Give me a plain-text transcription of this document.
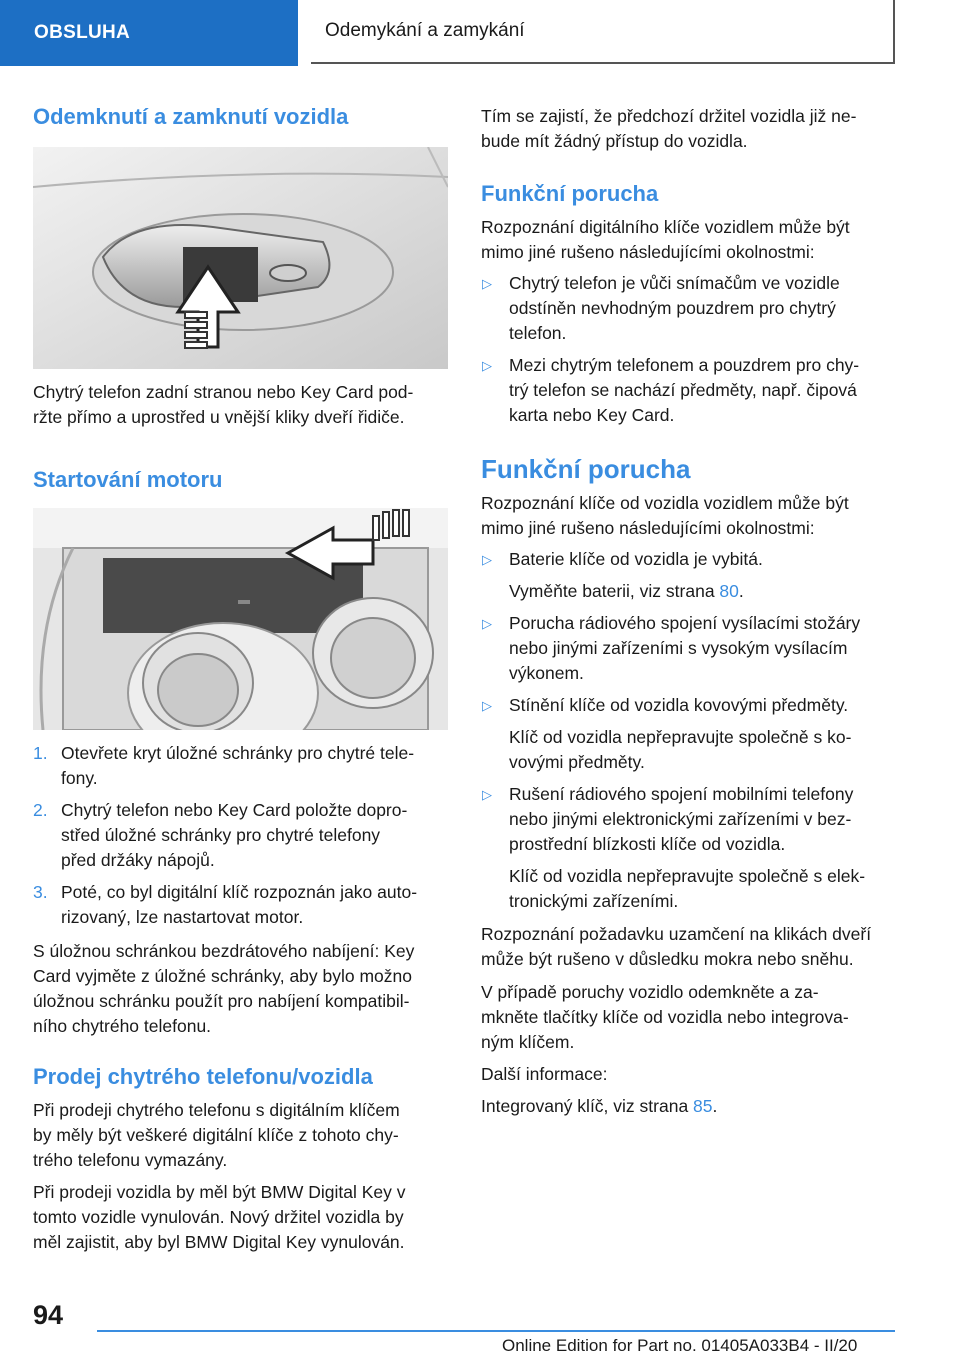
OBSLUHA	Odemykání a zamykání
Odemknutí a zamknutí vozidla

Chytrý telefon zadní stranou nebo Key Card pod-

ržte přímo a uprostřed u vnější kliky dveří řidiče.

Startování motoru
1. Otevřete kryt úložné schránky pro chytré tele-
fony.
2. Chytrý telefon nebo Key Card položte dopro-
střed úložné schránky pro chytré telefony
před držáky nápojů.
3. Poté, co byl digitální klíč rozpoznán jako auto-
rizovaný, lze nastartovat motor.

S úložnou schránkou bezdrátového nabíjení: Key

Card vyjměte z úložné schránky, aby bylo možno

úložnou schránku použít pro nabíjení kompatibil-

ního chytrého telefonu.

Prodej chytrého telefonu/vozidla

Při prodeji chytrého telefonu s digitálním klíčem

by měly být veškeré digitální klíče z tohoto chy-

trého telefonu vymazány.

Při prodeji vozidla by měl být BMW Digital Key v

tomto vozidle vynulován. Nový držitel vozidla by

měl zajistit, aby byl BMW Digital Key vynulován.

Tím se zajistí, že předchozí držitel vozidla již ne-

bude mít žádný přístup do vozidla.

Funkční porucha

Rozpoznání digitálního klíče vozidlem může být

mimo jiné rušeno následujícími okolnostmi:

▷ Chytrý telefon je vůči snímačům ve vozidle
odstíněn nevhodným pouzdrem pro chytrý
telefon.
▷ Mezi chytrým telefonem a pouzdrem pro chy-
trý telefon se nachází předměty, např. čipová
karta nebo Key Card.
Funkční porucha

Rozpoznání klíče od vozidla vozidlem může být

mimo jiné rušeno následujícími okolnostmi:

▷ Baterie klíče od vozidla je vybitá.
Vyměňte baterii, viz strana 80.
▷ Porucha rádiového spojení vysílacími stožáry
nebo jinými zařízeními s vysokým vysílacím
výkonem.
▷ Stínění klíče od vozidla kovovými předměty.
Klíč od vozidla nepřepravujte společně s ko-
vovými předměty.
▷ Rušení rádiového spojení mobilními telefony
nebo jinými elektronickými zařízeními v bez-
prostřední blízkosti klíče od vozidla.
Klíč od vozidla nepřepravujte společně s elek-
tronickými zařízeními.

Rozpoznání požadavku uzamčení na klikách dveří

může být rušeno v důsledku mokra nebo sněhu.

V případě poruchy vozidlo odemkněte a za-

mkněte tlačítky klíče od vozidla nebo integrova-

ným klíčem.

Další informace:

Integrovaný klíč, viz strana 85.

94
Online Edition for Part no. 01405A033B4 - II/20
